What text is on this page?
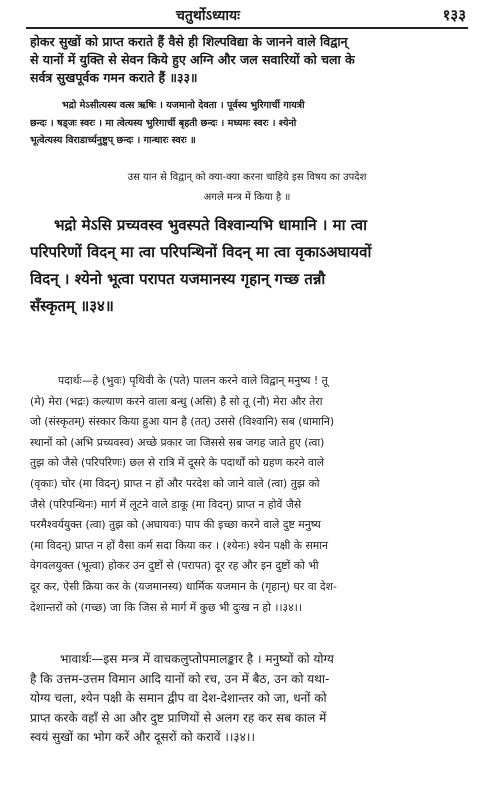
चतुर्थोऽध्यायः	१३३

होकर सुखों को प्राप्त कराते हैं वैसे ही शिल्पविद्या के जानने वाले विद्वान्

से यानों में युक्ति से सेवन किये हुए अग्नि और जल सवारियों को चला के

सर्वत्र सुखपूर्वक गमन कराते हैं ॥३३॥

भद्रो मेऽसीत्यस्य वत्स ऋषिः । यजमानो देवता । पूर्वस्य भुरिगार्ची गायत्री

छन्दः । षड्जः स्वरः । मा त्वेत्यस्य भुरिगार्ची बृहती छन्दः । मध्यमः स्वरः । श्येनो

भूत्वेत्यस्य विराडार्च्यनुष्टुप् छन्दः । गान्धारः स्वरः ॥

उस यान से विद्वान् को क्या-क्या करना चाहिये इस विषय का उपदेश

अगले मन्त्र में किया है ॥

भद्रो मेऽसि प्रच्यवस्व भुवस्पते विश्वान्यभि धामानि । मा त्वा

परिपरिणों विदन् मा त्वा परिपन्थिनों विदन् मा त्वा वृकाऽअघायवों

विदन् । श्येनो भूत्वा परापत यजमानस्य गृहान् गच्छ तन्नौ

सँस्कृतम् ॥३४॥

पदार्थः—हे (भुवः) पृथिवी के (पते) पालन करने वाले विद्वान् मनुष्य ! तू

(मे) मेरा (भद्रः) कल्याण करने वाला बन्धु (असि) है सो तू (नौ) मेरा और तेरा

जो (संस्कृतम्) संस्कार किया हुआ यान है (तत्) उससे (विश्वानि) सब (धामानि)

स्थानों को (अभि प्रच्यवस्व) अच्छे प्रकार जा जिससे सब जगह जाते हुए (त्वा)

तुझ को जैसे (परिपरिणः) छल से रात्रि में दूसरे के पदार्थों को ग्रहण करने वाले

(वृकाः) चोर (मा विदन्) प्राप्त न हों और परदेश को जाने वाले (त्वा) तुझ को

जैसे (परिपन्थिनः) मार्ग में लूटने वाले डाकू (मा विदन्) प्राप्त न होवें जैसे

परमैश्वर्ययुक्त (त्वा) तुझ को (अघायवः) पाप की इच्छा करने वाले दुष्ट मनुष्य

(मा विदन्) प्राप्त न हों वैसा कर्म सदा किया कर । (श्येनः) श्येन पक्षी के समान

वेगवलयुक्त (भूत्वा) होकर उन दुष्टों से (परापत) दूर रह और इन दुष्टों को भी

दूर कर, ऐसी क्रिया कर के (यजमानस्य) धार्मिक यजमान के (गृहान्) घर वा देश-

देशान्तरों को (गच्छ) जा कि जिस से मार्ग में कुछ भी दुःख न हो ।।३४।।

भावार्थः—इस मन्त्र में वाचकलुप्तोपमालङ्कार है । मनुष्यों को योग्य

है कि उत्तम-उत्तम विमान आदि यानों को रच, उन में बैठ, उन को यथा-

योग्य चला, श्येन पक्षी के समान द्वीप वा देश-देशान्तर को जा, धनों को

प्राप्त करके वहाँ से आ और दुष्ट प्राणियों से अलग रह कर सब काल में

स्वयं सुखों का भोग करें और दूसरों को करावें ।।३४।।
